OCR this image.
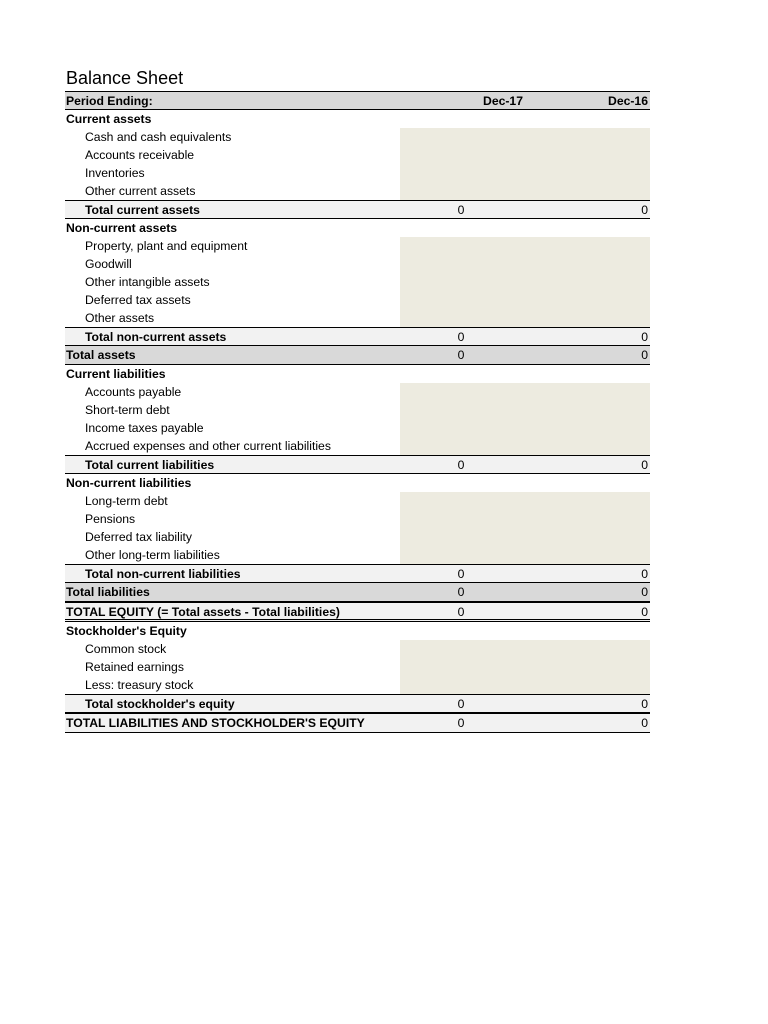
Balance Sheet
Period Ending:	Dec-17	Dec-16
Current assets
Cash and cash equivalents
Accounts receivable
Inventories
Other current assets
Total current assets	0	0
Non-current assets
Property, plant and equipment
Goodwill
Other intangible assets
Deferred tax assets
Other assets
Total non-current assets	0	0
Total assets	0	0
Current liabilities
Accounts payable
Short-term debt
Income taxes payable
Accrued expenses and other current liabilities
Total current liabilities	0	0
Non-current liabilities
Long-term debt
Pensions
Deferred tax liability
Other long-term liabilities
Total non-current liabilities	0	0
Total liabilities	0	0
TOTAL EQUITY (= Total assets - Total liabilities)	0	0
Stockholder's Equity
Common stock
Retained earnings
Less: treasury stock
Total stockholder's equity	0	0
TOTAL LIABILITIES AND STOCKHOLDER'S EQUITY	0	0
